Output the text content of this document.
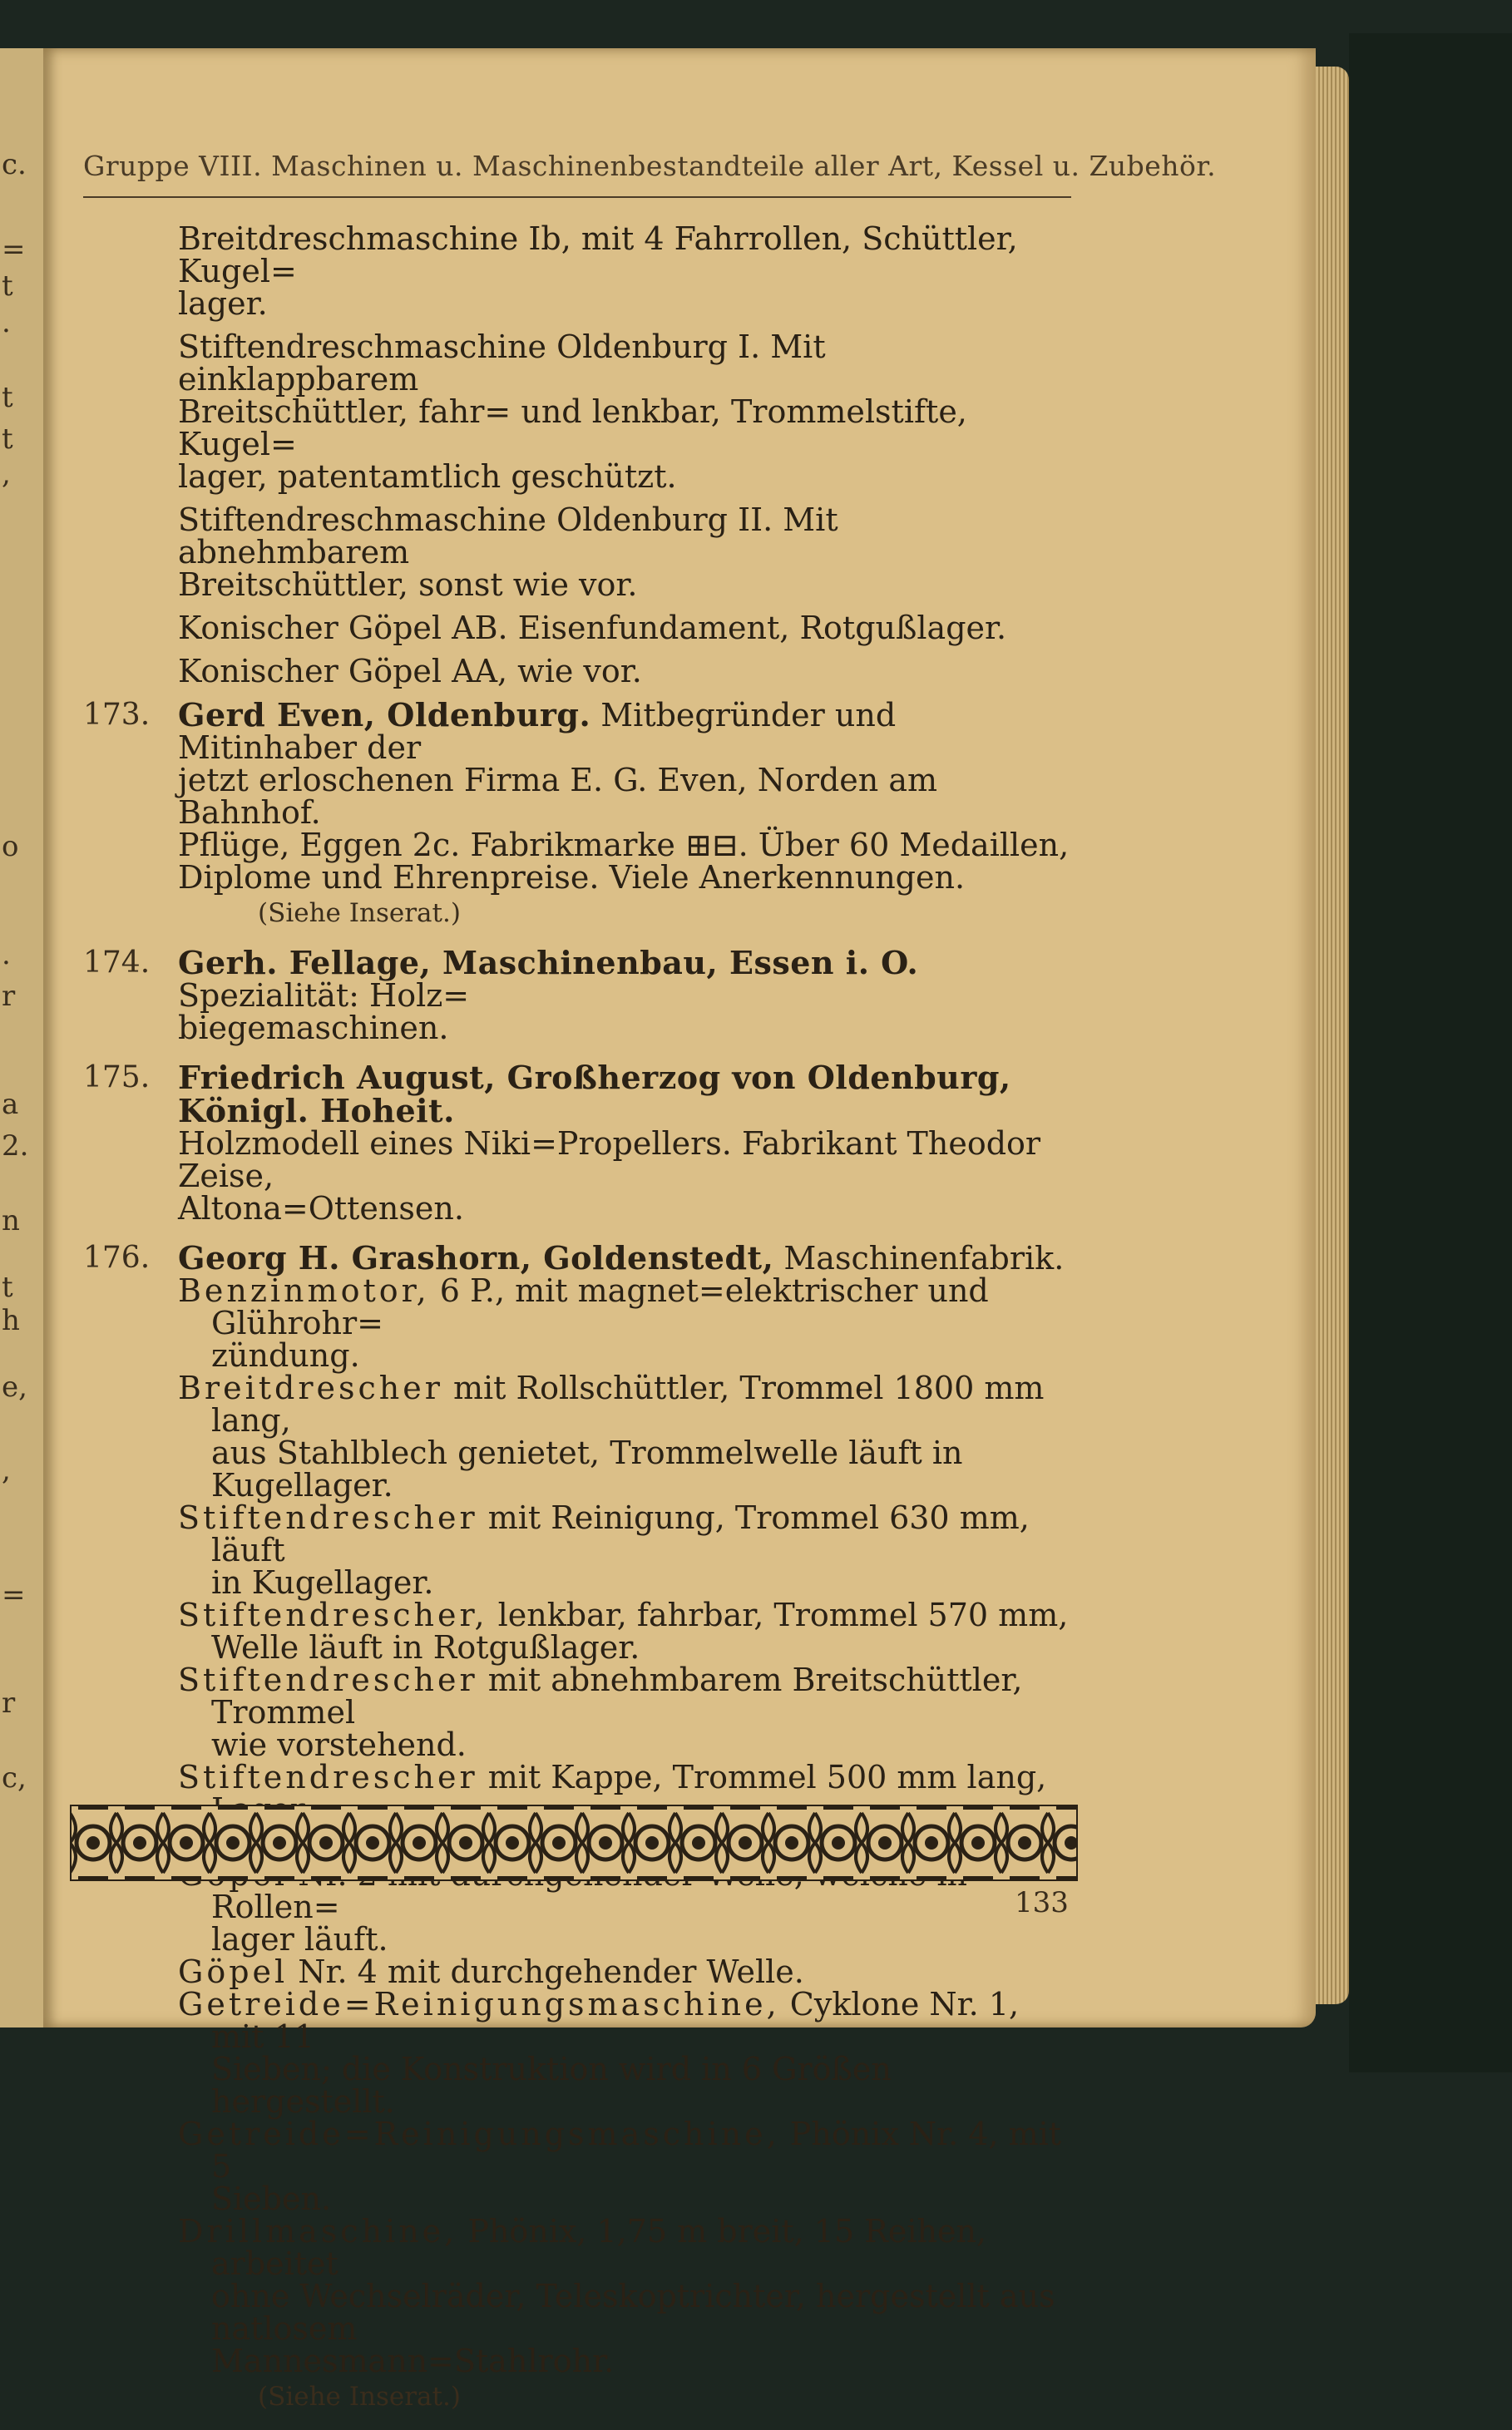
c.
=
t
.
t
t
,
o
.
r
a
2.
n
t
h
e,
,
=
r
c,
Gruppe VIII. Maschinen u. Maschinenbestandteile aller Art, Kessel u. Zubehör.
Breitdreschmaschine Ib, mit 4 Fahrrollen, Schüttler, Kugel=
lager.
Stiftendreschmaschine Oldenburg I. Mit einklappbarem
Breitschüttler, fahr= und lenkbar, Trommelstifte, Kugel=
lager, patentamtlich geschützt.
Stiftendreschmaschine Oldenburg II. Mit abnehmbarem
Breitschüttler, sonst wie vor.
Konischer Göpel AB. Eisenfundament, Rotgußlager.
Konischer Göpel AA, wie vor.
173. Gerd Even, Oldenburg. Mitbegründer und Mitinhaber der
jetzt erloschenen Firma E. G. Even, Norden am Bahnhof.
Pflüge, Eggen 2c. Fabrikmarke ⊞⊟. Über 60 Medaillen,
Diplome und Ehrenpreise. Viele Anerkennungen.
(Siehe Inserat.)
174. Gerh. Fellage, Maschinenbau, Essen i. O. Spezialität: Holz=
biegemaschinen.
175. Friedrich August, Großherzog von Oldenburg, Königl. Hoheit.
Holzmodell eines Niki=Propellers. Fabrikant Theodor Zeise,
Altona=Ottensen.
176. Georg H. Grashorn, Goldenstedt, Maschinenfabrik.
Benzinmotor, 6 P., mit magnet=elektrischer und Glührohr=
zündung.
Breitdrescher mit Rollschüttler, Trommel 1800 mm lang,
aus Stahlblech genietet, Trommelwelle läuft in Kugellager.
Stiftendrescher mit Reinigung, Trommel 630 mm, läuft
in Kugellager.
Stiftendrescher, lenkbar, fahrbar, Trommel 570 mm,
Welle läuft in Rotgußlager.
Stiftendrescher mit abnehmbarem Breitschüttler, Trommel
wie vorstehend.
Stiftendrescher mit Kappe, Trommel 500 mm lang,

Rollen=
lager läuft.
Göpel Nr. 4 mit durchgehender Welle.
Getreide=Reinigungsmaschine, Cyklone Nr. 1, mit 11
Sieben; die Konstruktion wird in 6 Größen hergestellt.
Getreide=Reinigungsmaschine, Phönix Nr. 4, mit 5
Sieben.
Drillmaschine, Phönix, 1,75 m breit, 15 Reihen, arbeitet
ohne Wechselräder, Teleskoptrichter, hergestellt aus natlosem
Mannesmann=Stahlrohr.
(Siehe Inserat.)
133
